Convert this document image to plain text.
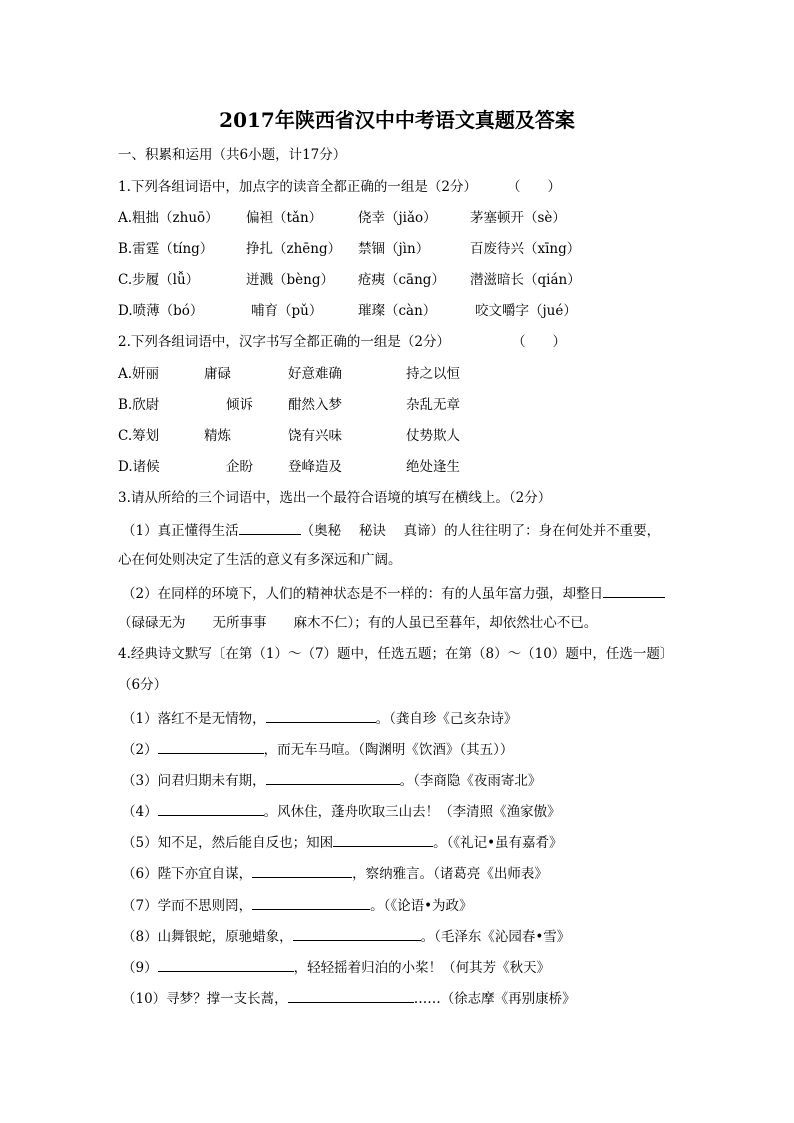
2017年陕西省汉中中考语文真题及答案
一、积累和运用（共6小题，计17分）
1.下列各组词语中，加点字的读音全都正确的一组是（2分） （　　）
A.粗拙（zhuō） 偏袒（tǎn）	侥幸（jiǎo） 茅塞顿开（sè）
B.雷霆（tíng） 挣扎（zhēng） 禁锢（jìn）	百废待兴（xīng）
C.步履（lǚ）	迸溅（bèng） 疮痍（cāng） 潜滋暗长（qián）
D.喷薄（bó）	哺育（pǔ）	璀璨（càn）	咬文嚼字（jué）
2.下列各组词语中，汉字书写全都正确的一组是（2分）	（　　）
A.妍丽	庸碌	好意难确	持之以恒
B.欣尉	倾诉	酣然入梦	杂乱无章
C.筹划	精炼	饶有兴味	仗势欺人
D.诸候	企盼	登峰造及	绝处逢生
3.请从所给的三个词语中，选出一个最符合语境的填写在横线上。（2分）
（1）真正懂得生活	（奥秘　 秘诀　 真谛）的人往往明了：身在何处并不重要，
心在何处则决定了生活的意义有多深远和广阔。
（2）在同样的环境下，人们的精神状态是不一样的：有的人虽年富力强，却整日
（碌碌无为　　无所事事　　麻木不仁）；有的人虽已至暮年，却依然壮心不已。
4.经典诗文默写〔在第（1）～（7）题中，任选五题；在第（8）～（10）题中，任选一题〕
（6分）
（1）落红不是无情物，	。（龚自珍《己亥杂诗》
（2）	，而无车马喧。（陶渊明《饮酒》（其五））
（3）问君归期未有期，	。（李商隐《夜雨寄北》
（4）	。风休住，蓬舟吹取三山去！（李清照《渔家傲》
（5）知不足，然后能自反也；知困	。（《礼记•虽有嘉肴》
（6）陛下亦宜自谋，	，察纳雅言。（诸葛亮《出师表》
（7）学而不思则罔，	。（《论语•为政》
（8）山舞银蛇，原驰蜡象，	。（毛泽东《沁园春•雪》
（9）	，轻轻摇着归泊的小桨！（何其芳《秋天》
（10）寻梦？撑一支长蒿，	……（徐志摩《再别康桥》
